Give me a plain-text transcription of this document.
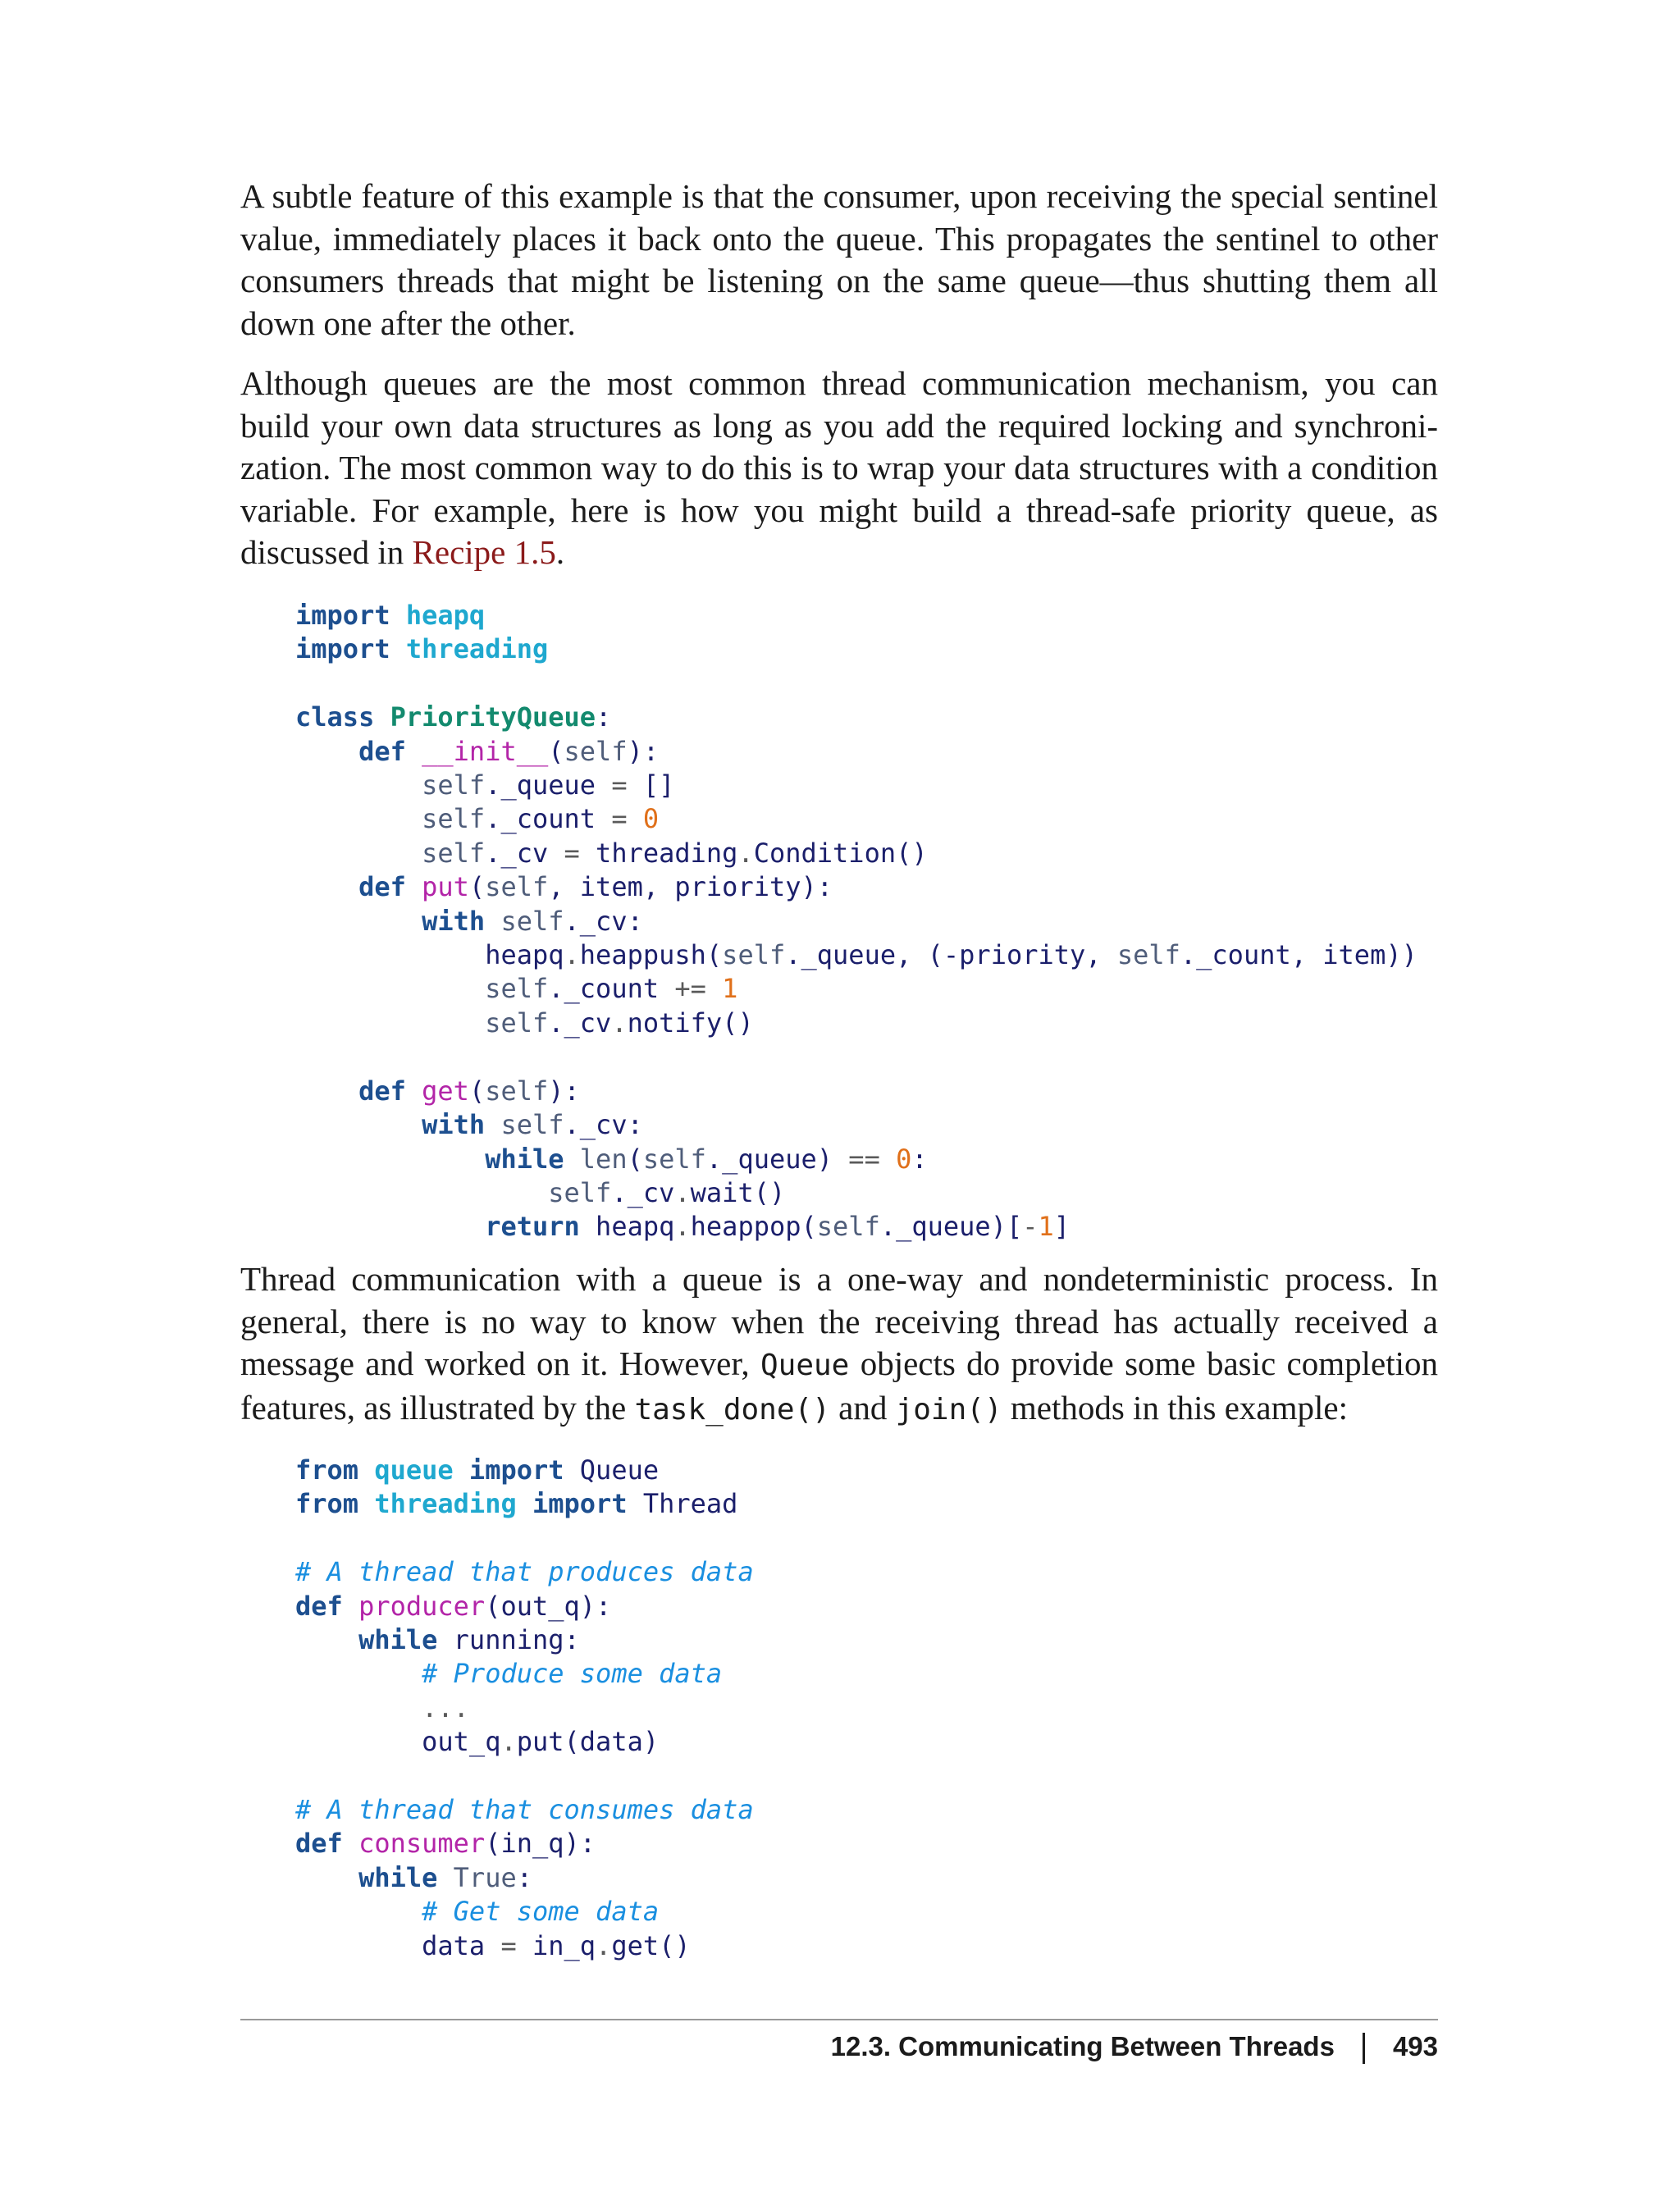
A subtle feature of this example is that the consumer, upon receiving the special sentinel value, immediately places it back onto the queue. This propagates the sentinel to other consumers threads that might be listening on the same queue—thus shutting them all down one after the other.

Although queues are the most common thread communication mechanism, you can build your own data structures as long as you add the required locking and synchronization. The most common way to do this is to wrap your data structures with a condition variable. For example, here is how you might build a thread-safe priority queue, as discussed in Recipe 1.5.

import heapq
import threading

class PriorityQueue:
def __init__(self):
self._queue = []
self._count = 0
self._cv = threading.Condition()
def put(self, item, priority):
with self._cv:
heapq.heappush(self._queue, (-priority, self._count, item))
self._count += 1
self._cv.notify()

def get(self):
with self._cv:
while len(self._queue) == 0:
self._cv.wait()
return heapq.heappop(self._queue)[-1]

Thread communication with a queue is a one-way and nondeterministic process. In general, there is no way to know when the receiving thread has actually received a message and worked on it. However, Queue objects do provide some basic completion features, as illustrated by the task_done() and join() methods in this example:

from queue import Queue
from threading import Thread

# A thread that produces data
def producer(out_q):
while running:
# Produce some data
...
out_q.put(data)

# A thread that consumes data
def consumer(in_q):
while True:
# Get some data
data = in_q.get()
12.3. Communicating Between Threads 493
